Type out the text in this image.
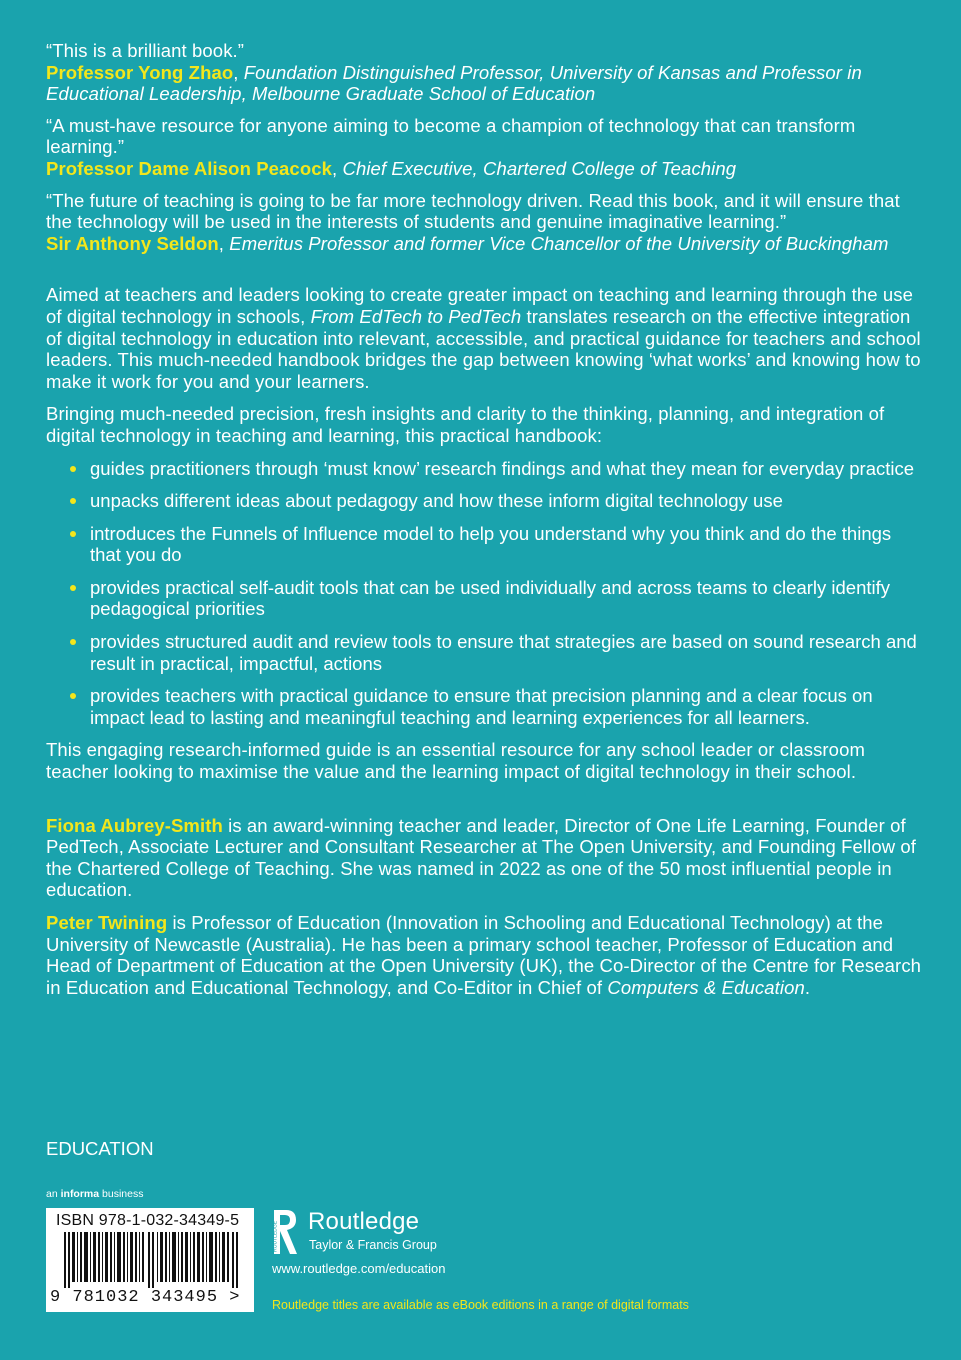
“This is a brilliant book.”

Professor Yong Zhao, Foundation Distinguished Professor, University of Kansas and Professor in Educational Leadership, Melbourne Graduate School of Education

“A must-have resource for anyone aiming to become a champion of technology that can transform learning.”

Professor Dame Alison Peacock, Chief Executive, Chartered College of Teaching

“The future of teaching is going to be far more technology driven. Read this book, and it will ensure that the technology will be used in the interests of students and genuine imaginative learning.”

Sir Anthony Seldon, Emeritus Professor and former Vice Chancellor of the University of Buckingham

Aimed at teachers and leaders looking to create greater impact on teaching and learning through the use of digital technology in schools, From EdTech to PedTech translates research on the effective integration of digital technology in education into relevant, accessible, and practical guidance for teachers and school leaders. This much-needed handbook bridges the gap between knowing ‘what works’ and knowing how to make it work for you and your learners.

Bringing much-needed precision, fresh insights and clarity to the thinking, planning, and integration of digital technology in teaching and learning, this practical handbook:

guides practitioners through ‘must know’ research findings and what they mean for everyday practice
unpacks different ideas about pedagogy and how these inform digital technology use
introduces the Funnels of Influence model to help you understand why you think and do the things that you do
provides practical self-audit tools that can be used individually and across teams to clearly identify pedagogical priorities
provides structured audit and review tools to ensure that strategies are based on sound research and result in practical, impactful, actions
provides teachers with practical guidance to ensure that precision planning and a clear focus on impact lead to lasting and meaningful teaching and learning experiences for all learners.

This engaging research-informed guide is an essential resource for any school leader or classroom teacher looking to maximise the value and the learning impact of digital technology in their school.

Fiona Aubrey-Smith is an award-winning teacher and leader, Director of One Life Learning, Founder of PedTech, Associate Lecturer and Consultant Researcher at The Open University, and Founding Fellow of the Chartered College of Teaching. She was named in 2022 as one of the 50 most influential people in education.

Peter Twining is Professor of Education (Innovation in Schooling and Educational Technology) at the University of Newcastle (Australia). He has been a primary school teacher, Professor of Education and Head of Department of Education at the Open University (UK), the Co-Director of the Centre for Research in Education and Educational Technology, and Co-Editor in Chief of Computers & Education.

EDUCATION
an informa business
ISBN 978-1-032-34349-5
9 781032 343495 >
ROUTLEDGE Routledge
Taylor & Francis Group
www.routledge.com/education
Routledge titles are available as eBook editions in a range of digital formats
